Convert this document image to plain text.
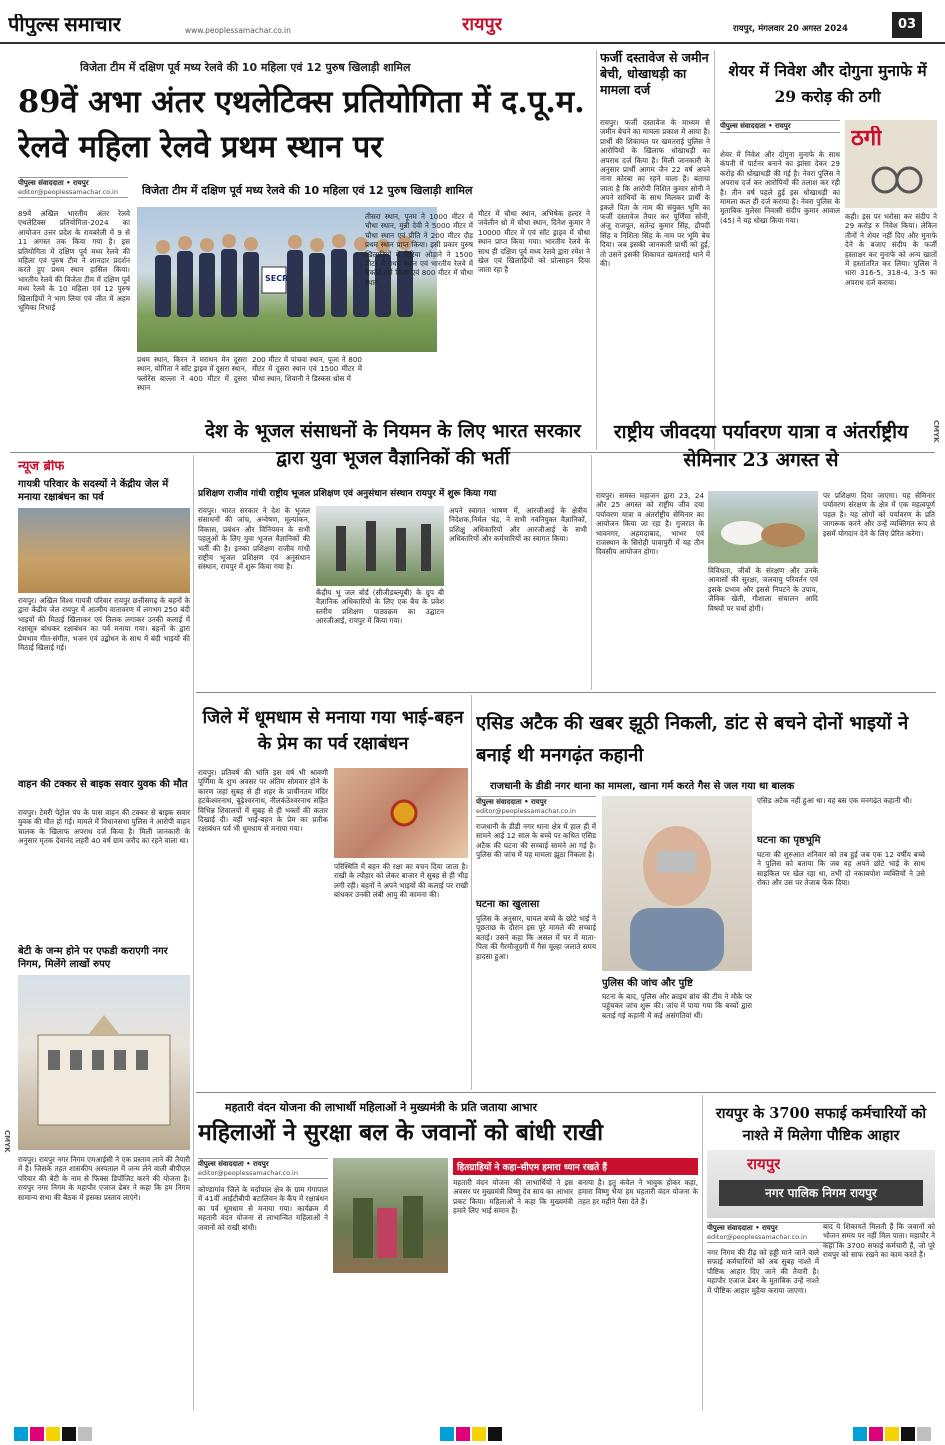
पीपुल्स समाचार	www.peoplessamachar.co.in	रायपुर	रायपुर, मंगलवार 20 अगस्त 2024	03
विजेता टीम में दक्षिण पूर्व मध्य रेलवे की 10 महिला एवं 12 पुरुष खिलाड़ी शामिल
89वें अभा अंतर एथलेटिक्स प्रतियोगिता में द.पू.म. रेलवे महिला रेलवे प्रथम स्थान पर
पीपुल्स संवाददाता • रायपुर
editor@peoplessamachar.co.in	विजेता टीम में दक्षिण पूर्व मध्य रेलवे की 10 महिला एवं 12 पुरुष खिलाड़ी शामिल
89वें अखिल भारतीय अंतर रेलवे एथलेटिक्स प्रतियोगिता-2024 का आयोजन उत्तर प्रदेश के रायबरेली में 9 से 11 अगस्त तक किया गया है। इस प्रतियोगिता में दक्षिण पूर्व मध्य रेलवे की महिला एवं पुरुष टीम ने शानदार प्रदर्शन करते हुए प्रथम स्थान हासिल किया। भारतीय रेलवे की विजेता टीम में दक्षिण पूर्व मध्य रेलवे के 10 महिला एवं 12 पुरुष खिलाड़ियों ने भाग लिया एवं जीत में अहम भूमिका निभाई
SECR
प्रथम स्थान, किरन ने मराथन मेन दूसरा स्थान, योगिता ने सॉट ड्राइव में दूसरा स्थान, फ्लोरेंस बाल्ला ने 400 मीटर में दूसरा स्थान
200 मीटर में पांचवा स्थान, पूजा ने 800 मीटर में दूसरा स्थान एवं 1500 मीटर में चौथा स्थान, शिवानी ने डिस्कस थ्रोस में
तीसरा स्थान, पूनम ने 1000 मीटर में चौथा स्थान, मुन्नी देवी ने 5000 मीटर में चौथा स्थान एवं प्रीति ने 200 मीटर दौड़ प्रथम स्थान प्राप्त किया। इसी प्रकार पुरुष खिलाड़ियों में टिरिया ओड़ाने ने 1500 मीटर में प्रथम स्थान एवं भारतीय रेलवे में रिकॉर्ड दर्ज किया एवं 800 मीटर में चौथा स्थान
मीटर में चौथा स्थान, अभिषेक हल्दर ने जवेलीन थ्रो में चौथा स्थान, दिनेश कुमार ने 10000 मीटर में एवं सॉट ड्राइव में चौथा स्थान प्राप्त किया गया। भारतीय रेलवे के साथ ही दक्षिण पूर्व मध्य रेलवे द्वारा रमेश ने खेल एवं खिलाड़ियों को प्रोत्साहन दिया जाता रहा है
फर्जी दस्तावेज से जमीन बेची, धोखाधड़ी का मामला दर्ज
रायपुर। फर्जी दस्तावेज के माध्यम से जमीन बेचने का मामला प्रकाश में आया है। प्रार्थी की शिकायत पर खमतराई पुलिस ने आरोपियों के खिलाफ धोखाधड़ी का अपराध दर्ज किया है। मिली जानकारी के अनुसार प्रार्थी आगम जैन 22 वर्ष अपने नाना कोरबा का रहने वाला है। बताया जाता है कि आरोपी निशित कुमार सोनी ने अपने साथियों के साथ मिलकर प्रार्थी के इकले पिता के नाम की संयुक्त भूमि का फर्जी दस्तावेज तैयार कर पूर्णिमा सोनी, अंजू राजपूत, सतेन्द्र कुमार सिंह, द्रौपदी सिंह व निशिता सिंह के नाम पर भूमि बेच दिया। जब इसकी जानकारी प्रार्थी को हुई, तो उसने इसकी शिकायत खमतराई थाने में की।
शेयर में निवेश और दोगुना मुनाफे में 29 करोड़ की ठगी
पीपुल्स संवाददाता • रायपुर	ठगी
शेयर में निवेश और दोगुना मुनाफे के साथ कंपनी में पार्टनर बनाने का झांसा देकर 29 करोड़ की धोखाधड़ी की गई है। नेवरा पुलिस ने अपराध दर्ज कर आरोपियों की तलाश कर रही है। तीन वर्ष पहले हुई इस धोखाधड़ी का मामला कल ही दर्ज कराया है। नेवरा पुलिस के मुताबिक मुलेसा निवासी संदीप कुमार आवाल (45) ने यह धोखा किया गया।	कही। इस पर भरोसा कर संदीप ने 29 करोड़ रु निवेश किया। लेकिन तीनों ने शेयर नहीं दिए और मुनाफे देने के बजाए संदीप के फर्जी हस्ताक्षर कर मुनाफे को अन्य खातों में हस्तांतरित कर लिया। पुलिस ने धारा 316-5, 318-4, 3-5 का अपराध दर्ज कराया।
न्यूज ब्रीफ
गायत्री परिवार के सदस्यों ने केंद्रीय जेल में मनाया रक्षाबंधन का पर्व
रायपुर। अखिल विश्व गायत्री परिवार रायपुर छत्तीसगढ़ के बहनों के द्वारा केंद्रीय जेल रायपुर में आत्मीय वातावरण में लगभग 250 बंदी भाइयों की मिठाई खिलाकर एवं तिलक लगाकर उनकी कलाई में रक्षासूत्र बांधकर रक्षाबंधन का पर्व मनाया गया। बहनों के द्वारा प्रेमभाव गीत-संगीत, भजन एवं उद्बोधन के साथ में बंदी भाइयों की मिठाई खिलाई गई।
वाहन की टक्कर से बाइक सवार युवक की मौत
रायपुर। टेमरी पेट्रोल पंप के पास वाहन की टक्कर से बाइक सवार युवक की मौत हो गई। मामले में विधानसभा पुलिस ने आरोपी वाहन चालक के खिलाफ अपराध दर्ज किया है। मिली जानकारी के अनुसार मृतक देवानंद लहरी 40 वर्ष ग्राम जरौद का रहने वाला था।
बेटी के जन्म होने पर एफडी कराएगी नगर निगम, मिलेंगे लाखों रुपए
रायपुर। रायपुर नगर निगम एमआईसी ने एक प्रस्ताव लाने की तैयारी में है। जिसके तहत शासकीय अस्पताल में जन्म लेने वाली बीपीएल परिवार की बेटी के नाम से फिक्स डिपॉजिट करने की योजना है। रायपुर नगर निगम के महापौर एजाज ढेबर ने कहा कि हम निगम सामान्य सभा की बैठक में इसका प्रस्ताव लाएंगे।
देश के भूजल संसाधनों के नियमन के लिए भारत सरकार द्वारा युवा भूजल वैज्ञानिकों की भर्ती
प्रशिक्षण राजीव गांधी राष्ट्रीय भूजल प्रशिक्षण एवं अनुसंधान संस्थान रायपुर में शुरू किया गया
रायपुर। भारत सरकार ने देश के भूजल संसाधनों की जांच, अन्वेषण, मूल्यांकन, विकास, प्रबंधन और विनियमन के सभी पहलुओं के लिए युवा भूजल वैज्ञानिकों की भर्ती की है। इनका प्रशिक्षण राजीव गांधी राष्ट्रीय भूजल प्रशिक्षण एवं अनुसंधान संस्थान, रायपुर में शुरू किया गया है।
केंद्रीय भू जल बोर्ड (सीजीडब्ल्यूबी) के ग्रुप बी वैज्ञानिक अधिकारियों के लिए एक बैच के प्रवेश स्तरीय प्रशिक्षण पाठ्यक्रम का उद्घाटन आरजीआई, रायपुर में किया गया।
अपने स्वागत भाषण में, आरजीआई के क्षेत्रीय निदेशक,निर्मल चंद्र, ने सभी नवनियुक्त वैज्ञानिकों, प्रशिक्षु अधिकारियों और आरजीआई के सभी अधिकारियों और कर्मचारियों का स्वागत किया।
राष्ट्रीय जीवदया पर्यावरण यात्रा व अंतर्राष्ट्रीय सेमिनार 23 अगस्त से
रायपुर। समस्त महाजन द्वारा 23, 24 और 25 अगस्त को राष्ट्रीय जीव दया पर्यावरण यात्रा व अंतर्राष्ट्रीय सेमिनार का आयोजन किया जा रहा है। गुजरात के भावनगर, अहमदाबाद, भाभर एवं राजस्थान के सिरोही पावापुरी में यह तीन दिवसीय आयोजन होगा।
विविधता, जीवों के संरक्षण और उनके आवासों की सुरक्षा, जलवायु परिवर्तन एवं इसके प्रभाव और इससे निपटने के उपाय, जैविक खेती, गौशाला संचालन आदि विषयों पर चर्चा होगी।
पर प्रशिक्षण दिया जाएगा। यह सेमिनार पर्यावरण संरक्षण के क्षेत्र में एक महत्वपूर्ण पहल है। यह लोगों को पर्यावरण के प्रति जागरूक करने और उन्हें व्यक्तिगत रूप से इसमें योगदान देने के लिए प्रेरित करेगा।
जिले में धूमधाम से मनाया गया भाई-बहन के प्रेम का पर्व रक्षाबंधन
रायपुर। प्रतिवर्ष की भांति इस वर्ष भी श्रावणी पूर्णिमा के शुभ अवसर पर अंतिम सोमवार होने के कारण जहां सुबह से ही शहर के प्राचीनतम मंदिर हटकेश्वरनाथ, बूढ़ेश्वरनाथ, नीलकंठेश्वरनाथ सहित विभिन्न शिवालयों में सुबह से ही भक्तों की कतार दिखाई दी। वहीं भाई-बहन के प्रेम का प्रतीक रक्षाबंधन पर्व भी धूमधाम से मनाया गया।
परिस्थिति में बहन की रक्षा का वचन दिया जाता है। राखी के त्यौहार को लेकर बाजार में सुबह से ही भीड़ लगी रही। बहनों ने अपने भाइयों की कलाई पर राखी बांधकर उनकी लंबी आयु की कामना की।
एसिड अटैक की खबर झूठी निकली, डांट से बचने दोनों भाइयों ने बनाई थी मनगढ़ंत कहानी
राजधानी के डीडी नगर थाना का मामला, खाना गर्म करते गैस से जल गया था बालक
पीपुल्स संवाददाता • रायपुर
editor@peoplessamachar.co.in
राजधानी के डीडी नगर थाना क्षेत्र में हाल ही में सामने आई 12 साल के बच्चे पर कथित एसिड अटैक की घटना की सच्चाई सामने आ गई है। पुलिस की जांच में यह मामला झूठा निकला है।
घटना का खुलासा
पुलिस के अनुसार, घायल बच्चे के छोटे भाई ने पूछताछ के दौरान इस पूरे मामले की सच्चाई बताई। उसने कहा कि असल में घर में माता-पिता की गैरमौजूदगी में गैस चूल्हा जलाते समय हादसा हुआ।
पुलिस की जांच और पुष्टि
घटना के बाद, पुलिस और क्राइम ब्रांच की टीम ने मौके पर पहुंचकर जांच शुरू की। जांच में पाया गया कि बच्चों द्वारा बताई गई कहानी में कई असंगतियां थीं।
एसिड अटैक नहीं हुआ था। वह बस एक मनगढ़ंत कहानी थी।
घटना का पृष्ठभूमि
घटना की शुरुआत शनिवार को तब हुई जब एक 12 वर्षीय बच्चे ने पुलिस को बताया कि जब वह अपने छोटे भाई के साथ साइकिल पर खेल रहा था, तभी दो नकाबपोश व्यक्तियों ने उसे रोका और उस पर तेजाब फेंक दिया।
महतारी वंदन योजना की लाभार्थी महिलाओं ने मुख्यमंत्री के प्रति जताया आभार
महिलाओं ने सुरक्षा बल के जवानों को बांधी राखी
पीपुल्स संवाददाता • रायपुर
editor@peoplessamachar.co.in
कोण्डागांव जिले के मर्दापाल क्षेत्र के ग्राम गंगापाल में 41वीं आईटीबीपी बटालियन के कैंप में रक्षाबंधन का पर्व धूमधाम से मनाया गया। कार्यक्रम में महतारी वंदन योजना से लाभान्वित महिलाओं ने जवानों को राखी बांधी।
हितग्राहियों ने कहा-सीएम हमारा ध्यान रखते हैं
महतारी वंदन योजना की लाभार्थियों ने इस अवसर पर मुख्यमंत्री विष्णु देव साय का आभार प्रकट किया। महिलाओं ने कहा कि मुख्यमंत्री हमारे लिए भाई समान हैं।
बनाया है। इतु कंवेल ने भावुक होकर कहा, हमारा विष्णु भैया हम महतारी वंदन योजना के तहत हर महीने पैसा देते हैं।
रायपुर के 3700 सफाई कर्मचारियों को नाश्ते में मिलेगा पौष्टिक आहार
रायपुर
नगर पालिक निगम रायपुर
पीपुल्स संवाददाता • रायपुर
editor@peoplessamachar.co.in
नगर निगम की रीढ़ को हड्डी माने जाने वाले सफाई कर्मचारियों को अब सुबह नाश्ते में पौष्टिक आहार दिए जाने की तैयारी है। महापौर एजाज ढेबर के मुताबिक उन्हें नाश्ते में पौष्टिक आहार मुहैया कराया जाएगा।
बाद ये शिकायतें मिलती हैं कि जवानों को भोजन समय पर नहीं मिल पाता। महापौर ने कहा कि 3700 सफाई कर्मचारी हैं, जो पूरे रायपुर को साफ रखने का काम करते हैं।
CMYK
CMYK
